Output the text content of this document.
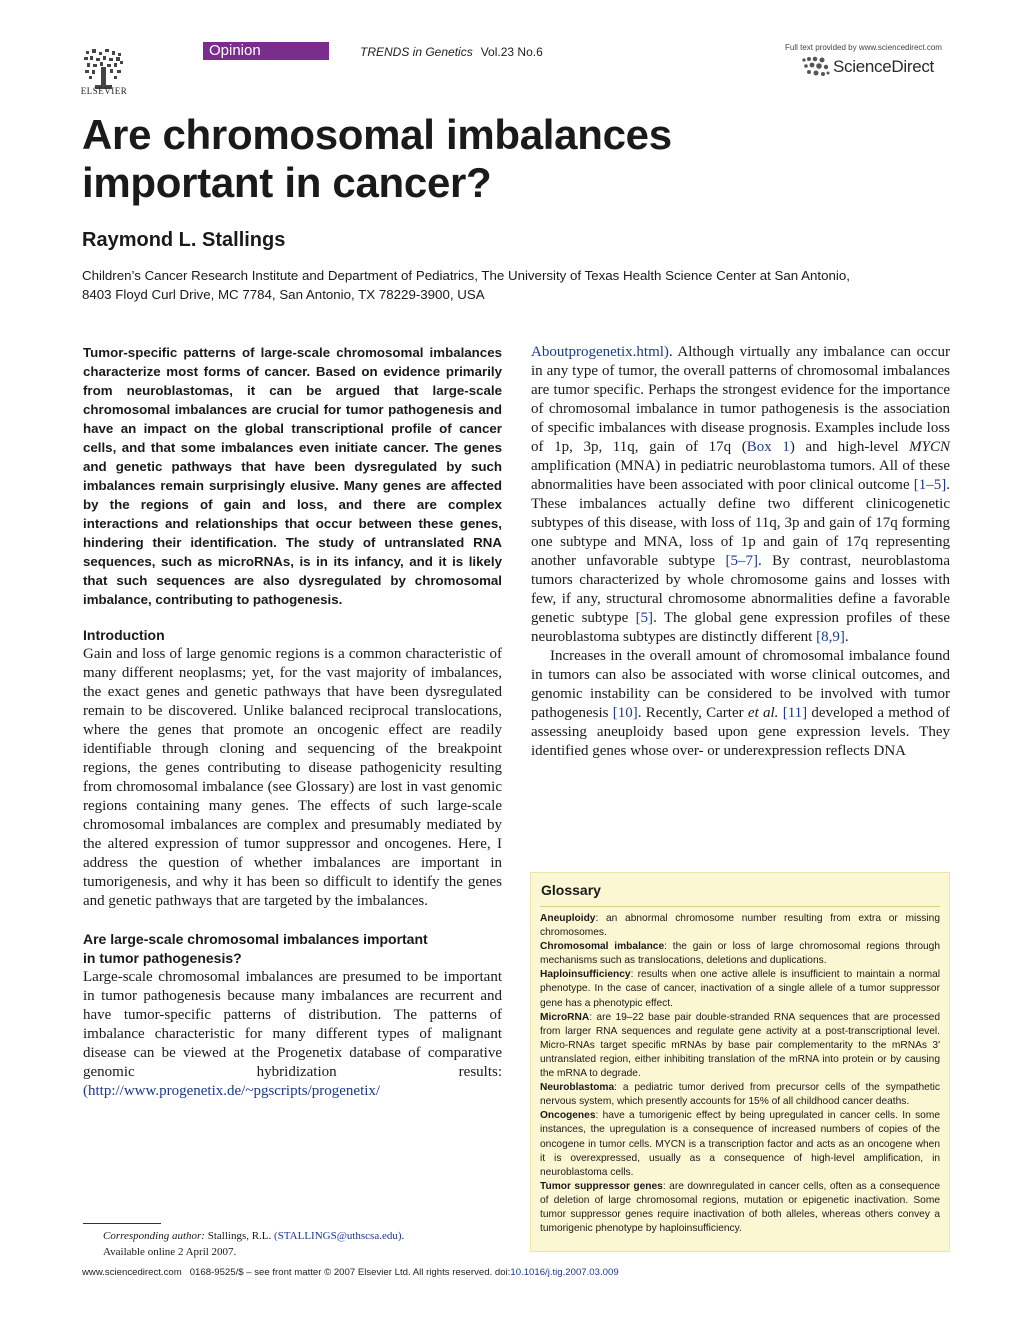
ELSEVIER
Opinion	TRENDS in Genetics Vol.23 No.6	Full text provided by www.sciencedirect.com
ScienceDirect
Are chromosomal imbalances important in cancer?
Raymond L. Stallings
Children’s Cancer Research Institute and Department of Pediatrics, The University of Texas Health Science Center at San Antonio,
8403 Floyd Curl Drive, MC 7784, San Antonio, TX 78229-3900, USA

Tumor-specific patterns of large-scale chromosomal imbalances characterize most forms of cancer. Based on evidence primarily from neuroblastomas, it can be argued that large-scale chromosomal imbalances are crucial for tumor pathogenesis and have an impact on the global transcriptional profile of cancer cells, and that some imbalances even initiate cancer. The genes and genetic pathways that have been dysregulated by such imbalances remain surprisingly elusive. Many genes are affected by the regions of gain and loss, and there are complex interactions and relationships that occur between these genes, hindering their identification. The study of untranslated RNA sequences, such as microRNAs, is in its infancy, and it is likely that such sequences are also dysregulated by chromosomal imbalance, contributing to pathogenesis.

Introduction

Gain and loss of large genomic regions is a common characteristic of many different neoplasms; yet, for the vast majority of imbalances, the exact genes and genetic pathways that have been dysregulated remain to be discovered. Unlike balanced reciprocal translocations, where the genes that promote an oncogenic effect are readily identifiable through cloning and sequencing of the breakpoint regions, the genes contributing to disease pathogenicity resulting from chromosomal imbalance (see Glossary) are lost in vast genomic regions containing many genes. The effects of such large-scale chromosomal imbalances are complex and presumably mediated by the altered expression of tumor suppressor and oncogenes. Here, I address the question of whether imbalances are important in tumorigenesis, and why it has been so difficult to identify the genes and genetic pathways that are targeted by the imbalances.

Are large-scale chromosomal imbalances important
in tumor pathogenesis?

Large-scale chromosomal imbalances are presumed to be important in tumor pathogenesis because many imbalances are recurrent and have tumor-specific patterns of distribution. The patterns of imbalance characteristic for many different types of malignant disease can be viewed at the Progenetix database of comparative genomic hybridization results: (http://www.progenetix.de/~pgscripts/progenetix/

Aboutprogenetix.html). Although virtually any imbalance can occur in any type of tumor, the overall patterns of chromosomal imbalances are tumor specific. Perhaps the strongest evidence for the importance of chromosomal imbalance in tumor pathogenesis is the association of specific imbalances with disease prognosis. Examples include loss of 1p, 3p, 11q, gain of 17q (Box 1) and high-level MYCN amplification (MNA) in pediatric neuroblastoma tumors. All of these abnormalities have been associated with poor clinical outcome [1–5]. These imbalances actually define two different clinicogenetic subtypes of this disease, with loss of 11q, 3p and gain of 17q forming one subtype and MNA, loss of 1p and gain of 17q representing another unfavorable subtype [5–7]. By contrast, neuroblastoma tumors characterized by whole chromosome gains and losses with few, if any, structural chromosome abnormalities define a favorable genetic subtype [5]. The global gene expression profiles of these neuroblastoma subtypes are distinctly different [8,9].

Increases in the overall amount of chromosomal imbalance found in tumors can also be associated with worse clinical outcomes, and genomic instability can be considered to be involved with tumor pathogenesis [10]. Recently, Carter et al. [11] developed a method of assessing aneuploidy based upon gene expression levels. They identified genes whose over- or underexpression reflects DNA

Glossary

Aneuploidy: an abnormal chromosome number resulting from extra or missing chromosomes.

Chromosomal imbalance: the gain or loss of large chromosomal regions through mechanisms such as translocations, deletions and duplications.

Haploinsufficiency: results when one active allele is insufficient to maintain a normal phenotype. In the case of cancer, inactivation of a single allele of a tumor suppressor gene has a phenotypic effect.

MicroRNA: are 19–22 base pair double-stranded RNA sequences that are processed from larger RNA sequences and regulate gene activity at a post-transcriptional level. Micro-RNAs target specific mRNAs by base pair complementarity to the mRNAs 3′ untranslated region, either inhibiting translation of the mRNA into protein or by causing the mRNA to degrade.

Neuroblastoma: a pediatric tumor derived from precursor cells of the sympathetic nervous system, which presently accounts for 15% of all childhood cancer deaths.

Oncogenes: have a tumorigenic effect by being upregulated in cancer cells. In some instances, the upregulation is a consequence of increased numbers of copies of the oncogene in tumor cells. MYCN is a transcription factor and acts as an oncogene when it is overexpressed, usually as a consequence of high-level amplification, in neuroblastoma cells.

Tumor suppressor genes: are downregulated in cancer cells, often as a consequence of deletion of large chromosomal regions, mutation or epigenetic inactivation. Some tumor suppressor genes require inactivation of both alleles, whereas others convey a tumorigenic phenotype by haploinsufficiency.

Corresponding author: Stallings, R.L. (STALLINGS@uthscsa.edu).
Available online 2 April 2007.
www.sciencedirect.com 0168-9525/$ – see front matter © 2007 Elsevier Ltd. All rights reserved. doi:10.1016/j.tig.2007.03.009
